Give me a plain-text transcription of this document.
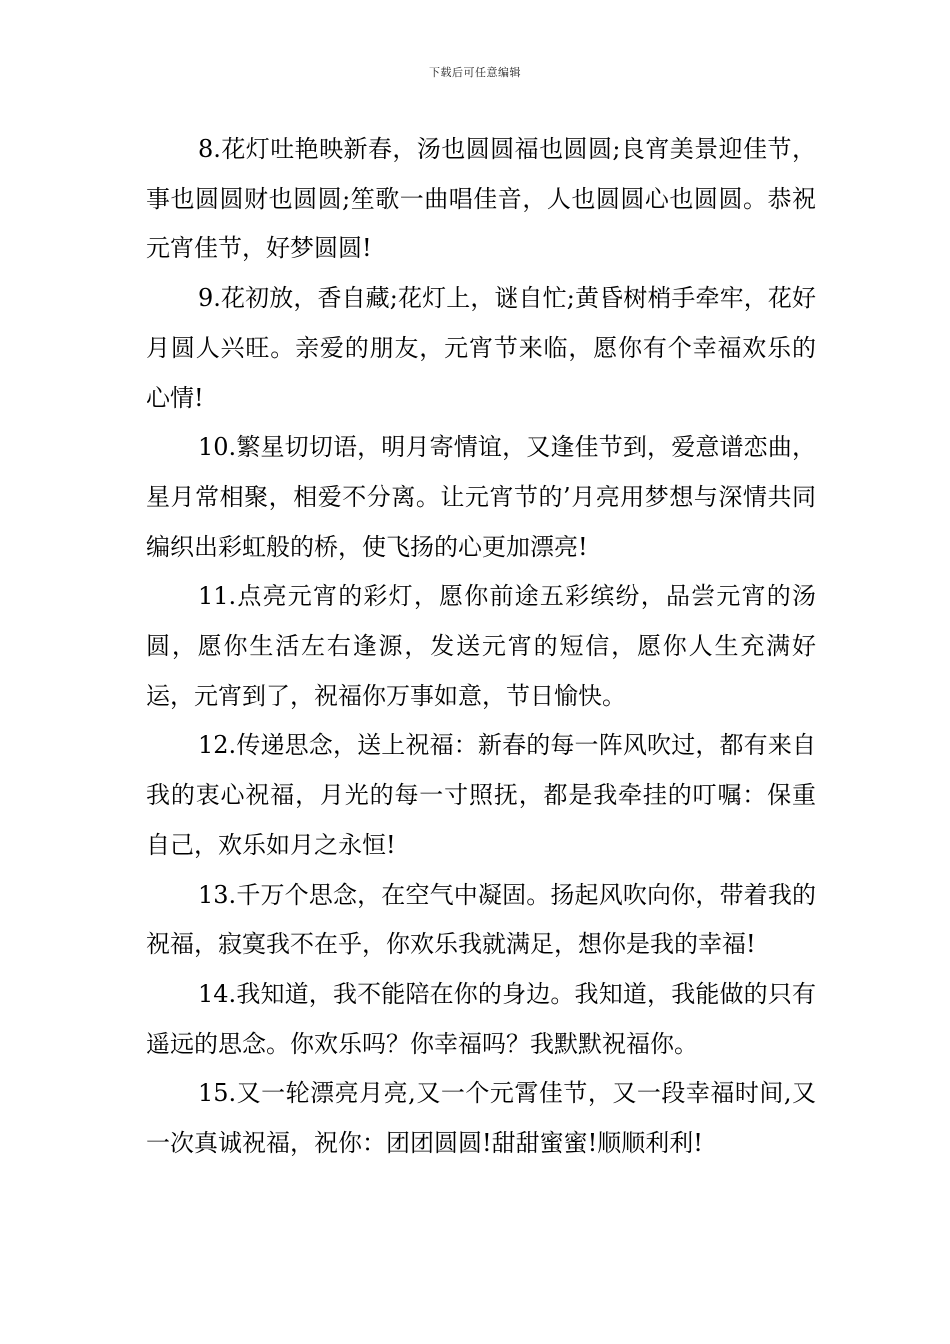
下载后可任意编辑

8.花灯吐艳映新春，汤也圆圆福也圆圆;良宵美景迎佳节，事也圆圆财也圆圆;笙歌一曲唱佳音，人也圆圆心也圆圆。恭祝元宵佳节，好梦圆圆!

9.花初放，香自藏;花灯上，谜自忙;黄昏树梢手牵牢，花好月圆人兴旺。亲爱的朋友，元宵节来临，愿你有个幸福欢乐的心情!

10.繁星切切语，明月寄情谊，又逢佳节到，爱意谱恋曲，星月常相聚，相爱不分离。让元宵节的’月亮用梦想与深情共同编织出彩虹般的桥，使飞扬的心更加漂亮!

11.点亮元宵的彩灯，愿你前途五彩缤纷，品尝元宵的汤圆，愿你生活左右逢源，发送元宵的短信，愿你人生充满好运，元宵到了，祝福你万事如意，节日愉快。

12.传递思念，送上祝福：新春的每一阵风吹过，都有来自我的衷心祝福，月光的每一寸照抚，都是我牵挂的叮嘱：保重自己，欢乐如月之永恒!

13.千万个思念，在空气中凝固。扬起风吹向你，带着我的祝福，寂寞我不在乎，你欢乐我就满足，想你是我的幸福!

14.我知道，我不能陪在你的身边。我知道，我能做的只有遥远的思念。你欢乐吗？你幸福吗？我默默祝福你。

15.又一轮漂亮月亮,又一个元霄佳节，又一段幸福时间,又一次真诚祝福，祝你：团团圆圆!甜甜蜜蜜!顺顺利利!
